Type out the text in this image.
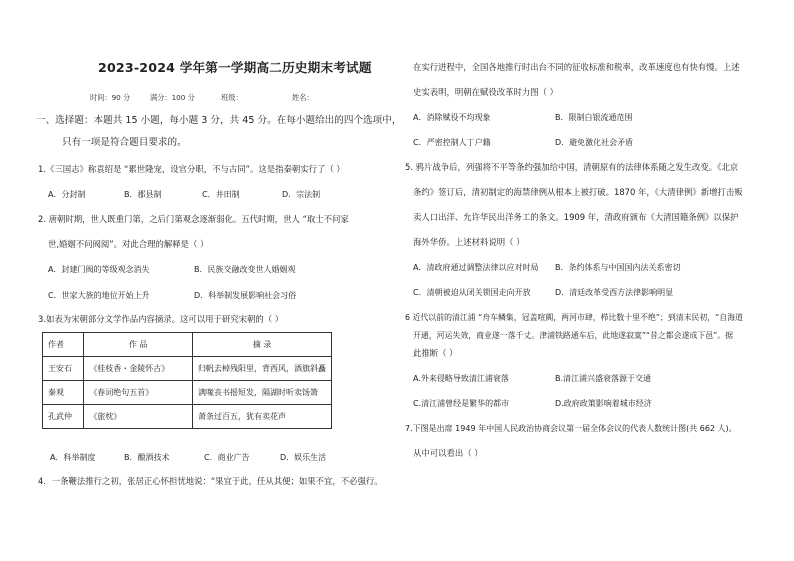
2023-2024 学年第一学期高二历史期末考试题
时间：90 分	满分：100 分	班级：	姓名：
一、选择题：本题共 15 小题，每小题 3 分，共 45 分。在每小题给出的四个选项中，
只有一项是符合题目要求的。
1.《三国志》称袁绍是 “累世隆宠，设官分职，不与古同”。这是指秦朝实行了（ ）
A．分封制	B．郡县制	C．井田制	D．宗法制
2. 唐朝时期，世人既重门第，之后门第观念逐渐弱化。五代时期，世人 “取士不问家
世,婚姻不问阀阅”。对此合理的解释是（ ）
A．封建门阀的等级观念消失	B．民族交融改变世人婚姻观
C．世家大族的地位开始上升	D．科举制发展影响社会习俗
3.如表为宋朝部分文学作品内容摘录。这可以用于研究宋朝的（ ）
作者	作 品	摘 录
王安石	《桂枝香・金陵怀古》	归帆去棹残阳里，背西风，酒旗斜矗
秦观	《春词绝句五首》	满喙丧书摇短发，隔湖时听卖饧箫
孔武仲	《旅枕》	萧条过百五，犹有卖花声
A．科举制度	B．酿酒技术	C．商业广告	D．娱乐生活
4．一条鞭法推行之初，张居正心怀担忧地说：“果宜于此，任从其便；如果不宜，不必强行。
在实行进程中，全国各地推行时出台不同的征收标准和税率，改革速度也有快有慢。上述
史实表明，明朝在赋役改革时力图（ ）
A．消除赋役不均现象	B．限制白银流通范围
C．严密控制人丁户籍	D．避免激化社会矛盾
5. 鸦片战争后，列强将不平等条约强加给中国，清朝原有的法律体系随之发生改变。《北京
条约》签订后，清初制定的海禁律例从根本上被打破。1870 年，《大清律例》新增打击贩
卖人口出洋、允许华民出洋务工的条文。1909 年，清政府颁布《大清国籍条例》以保护
海外华侨。上述材料说明（ ）
A．清政府通过调整法律以应对时局 B．条约体系与中国国内法关系密切
C．清朝被迫从闭关锁国走向开放	D．清廷改革受西方法律影响明显
6 近代以前的清江浦 “舟车鳞集，冠盖喧阗，两河市肆，栉比数十里不绝”；到清末民初，“自海道
开通，河运失效，商业遂一落千丈。津浦铁路通车后，此地遂寂寞”“昔之都会遂成下邑”。据
此推断（ ）
A.外来侵略导致清江浦衰落	B.清江浦兴盛衰落源于交通
C.清江浦曾经是繁华的都市	D.政府政策影响着城市经济
7.下图是出席 1949 年中国人民政治协商会议第一届全体会议的代表人数统计图(共 662 人)。
从中可以看出（ ）
